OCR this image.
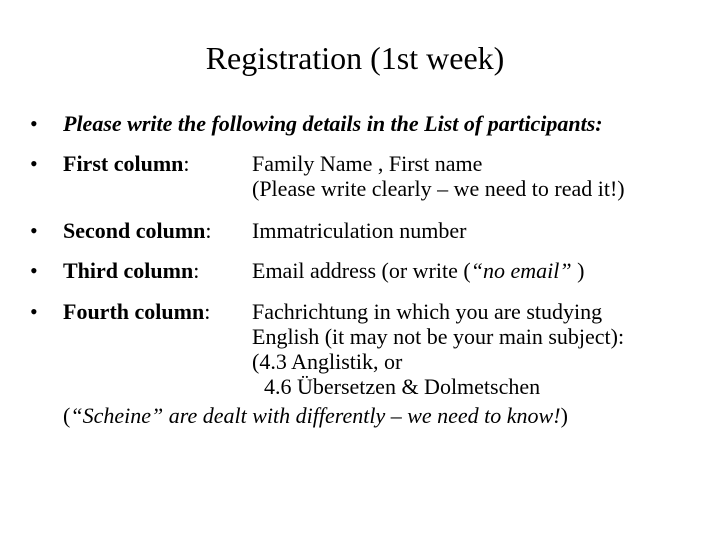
Registration (1st week)
• Please write the following details in the List of participants:
• First column:	Family Name , First name
(Please write clearly – we need to read it!)
• Second column: Immatriculation number
• Third column: Email address (or write (“no email” )
• Fourth column: Fachrichtung in which you are studying
English (it may not be your main subject):
(4.3 Anglistik, or
4.6 Übersetzen & Dolmetschen
(“Scheine” are dealt with differently – we need to know!)
